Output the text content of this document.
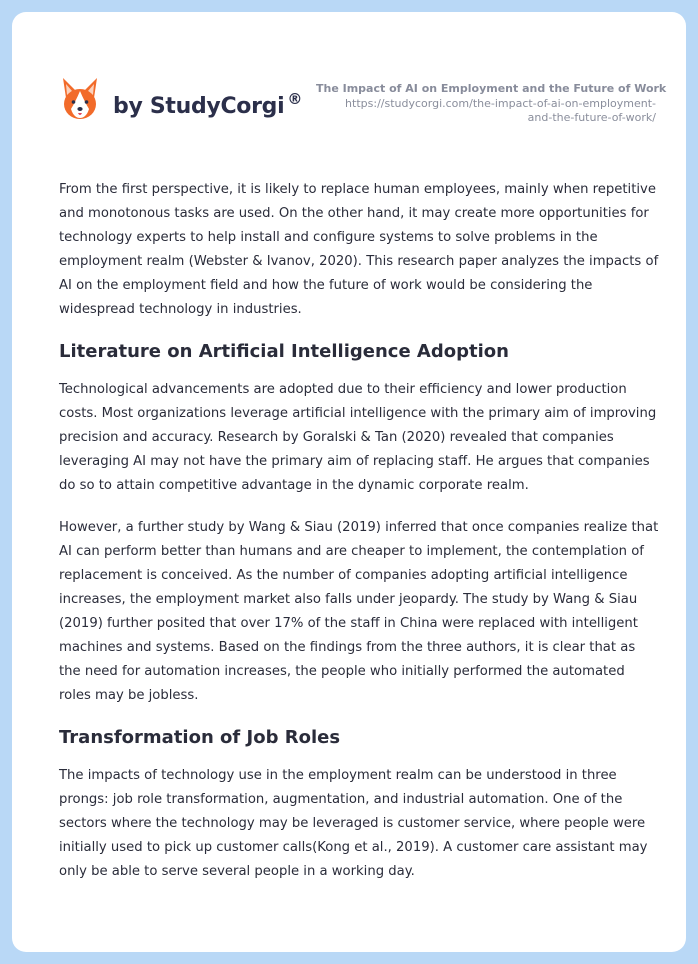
by StudyCorgi ®
The Impact of AI on Employment and the Future of Work
https://studycorgi.com/the-impact-of-ai-on-employment-
and-the-future-of-work/

From the first perspective, it is likely to replace human employees, mainly when repetitive and monotonous tasks are used. On the other hand, it may create more opportunities for technology experts to help install and configure systems to solve problems in the employment realm (Webster & Ivanov, 2020). This research paper analyzes the impacts of AI on the employment field and how the future of work would be considering the widespread technology in industries.

Literature on Artificial Intelligence Adoption

Technological advancements are adopted due to their efficiency and lower production costs. Most organizations leverage artificial intelligence with the primary aim of improving precision and accuracy. Research by Goralski & Tan (2020) revealed that companies leveraging AI may not have the primary aim of replacing staff. He argues that companies do so to attain competitive advantage in the dynamic corporate realm.

However, a further study by Wang & Siau (2019) inferred that once companies realize that AI can perform better than humans and are cheaper to implement, the contemplation of replacement is conceived. As the number of companies adopting artificial intelligence increases, the employment market also falls under jeopardy. The study by Wang & Siau (2019) further posited that over 17% of the staff in China were replaced with intelligent machines and systems. Based on the findings from the three authors, it is clear that as the need for automation increases, the people who initially performed the automated roles may be jobless.

Transformation of Job Roles

The impacts of technology use in the employment realm can be understood in three prongs: job role transformation, augmentation, and industrial automation. One of the sectors where the technology may be leveraged is customer service, where people were initially used to pick up customer calls(Kong et al., 2019). A customer care assistant may only be able to serve several people in a working day.
